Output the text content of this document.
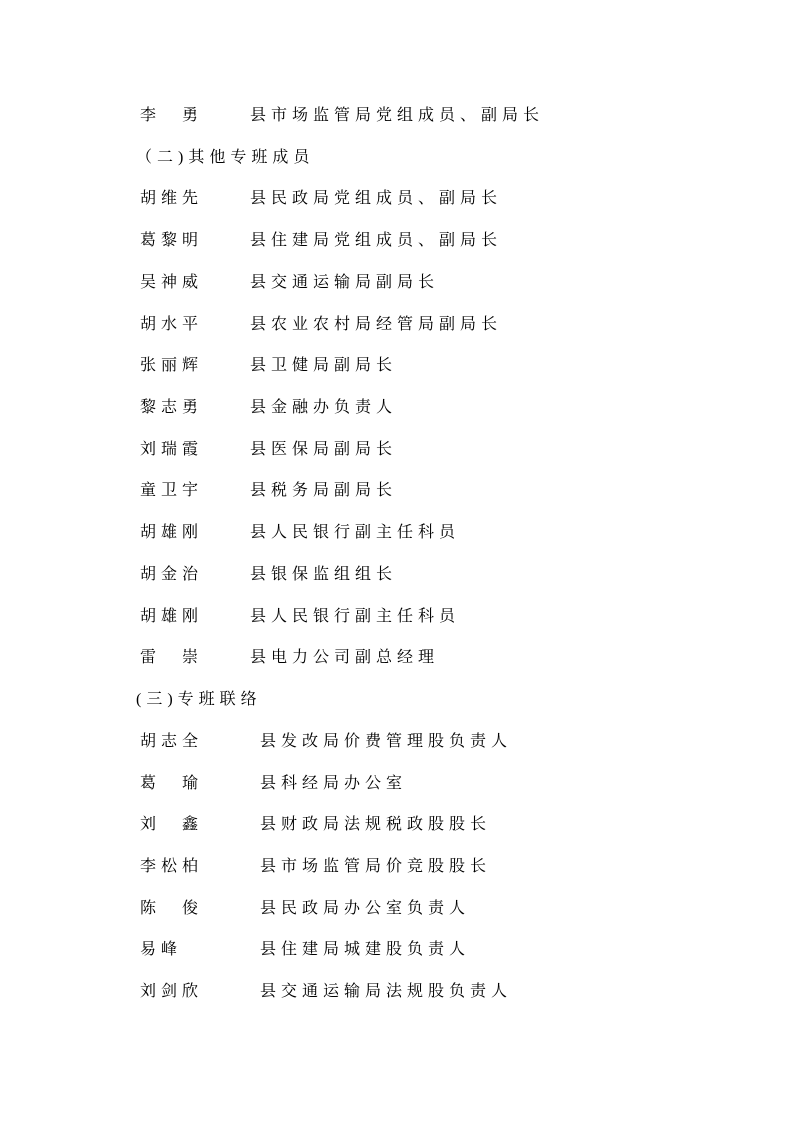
李　勇	县市场监管局党组成员、副局长
（二)其他专班成员
胡维先	县民政局党组成员、副局长
葛黎明	县住建局党组成员、副局长
吴神威	县交通运输局副局长
胡水平	县农业农村局经管局副局长
张丽辉	县卫健局副局长
黎志勇	县金融办负责人
刘瑞霞	县医保局副局长
童卫宇	县税务局副局长
胡雄刚	县人民银行副主任科员
胡金治	县银保监组组长
胡雄刚	县人民银行副主任科员
雷　崇	县电力公司副总经理
(三)专班联络
胡志全	县发改局价费管理股负责人
葛　瑜	县科经局办公室
刘　鑫	县财政局法规税政股股长
李松柏	县市场监管局价竞股股长
陈　俊	县民政局办公室负责人
易峰	县住建局城建股负责人
刘剑欣	县交通运输局法规股负责人
